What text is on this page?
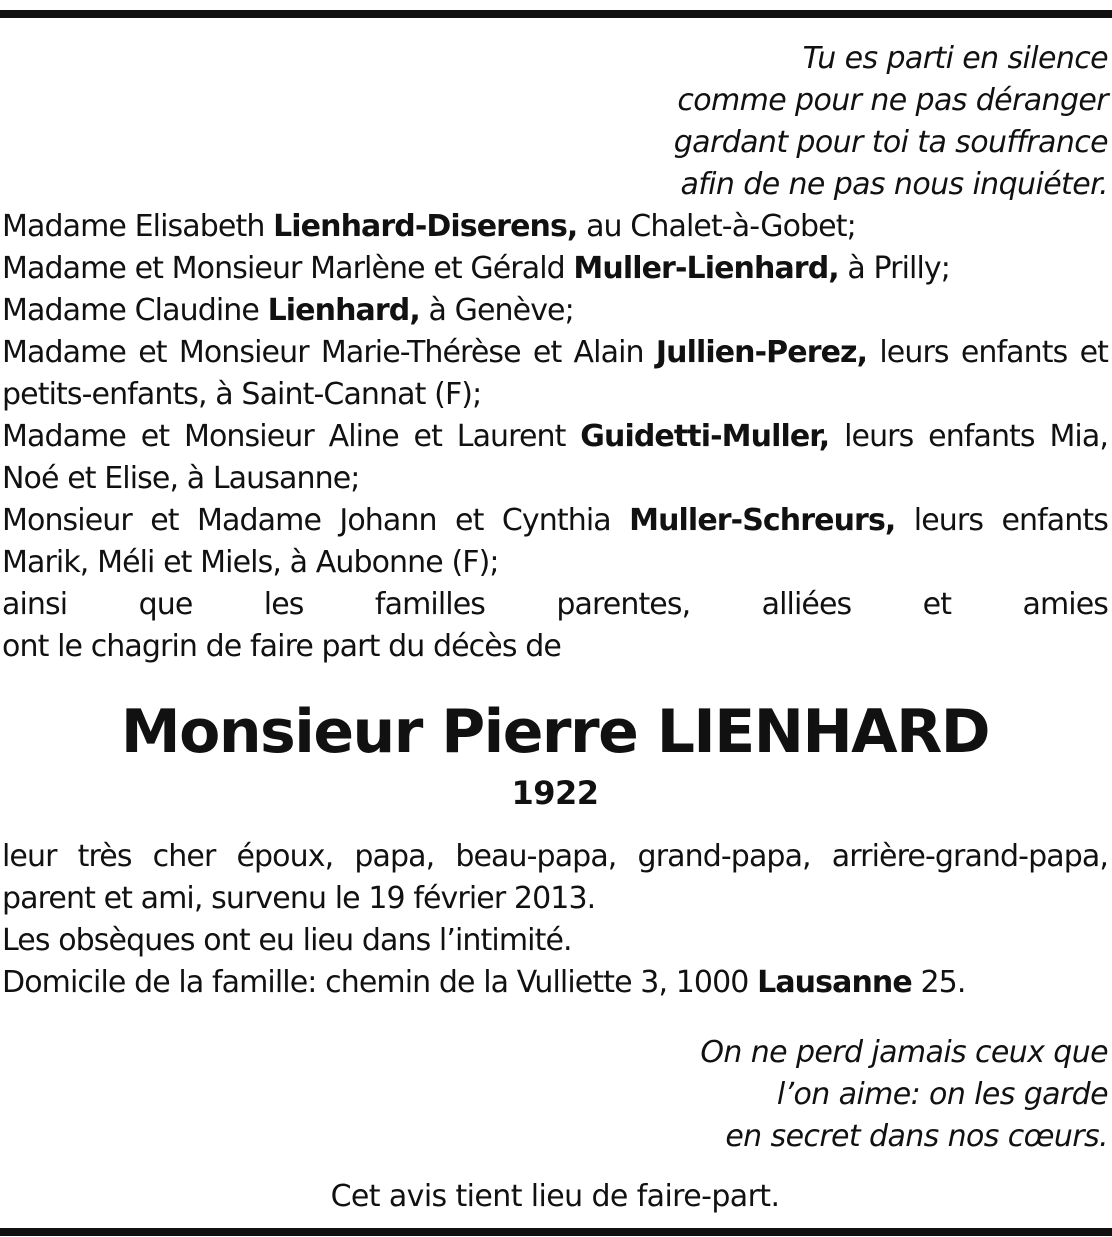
Tu es parti en silence
comme pour ne pas déranger
gardant pour toi ta souffrance
afin de ne pas nous inquiéter.
Madame Elisabeth Lienhard-Diserens, au Chalet-à-Gobet;
Madame et Monsieur Marlène et Gérald Muller-Lienhard, à Prilly;
Madame Claudine Lienhard, à Genève;
Madame et Monsieur Marie-Thérèse et Alain Jullien-Perez, leurs enfants et petits-enfants, à Saint-Cannat (F);
Madame et Monsieur Aline et Laurent Guidetti-Muller, leurs enfants Mia, Noé et Elise, à Lausanne;
Monsieur et Madame Johann et Cynthia Muller-Schreurs, leurs enfants Marik, Méli et Miels, à Aubonne (F);
ainsi que les familles parentes, alliées et amies
ont le chagrin de faire part du décès de
Monsieur Pierre LIENHARD
1922
leur très cher époux, papa, beau-papa, grand-papa, arrière-grand-papa, parent et ami, survenu le 19 février 2013.
Les obsèques ont eu lieu dans l’intimité.
Domicile de la famille: chemin de la Vulliette 3, 1000 Lausanne 25.
On ne perd jamais ceux que
l’on aime: on les garde
en secret dans nos cœurs.
Cet avis tient lieu de faire-part.
